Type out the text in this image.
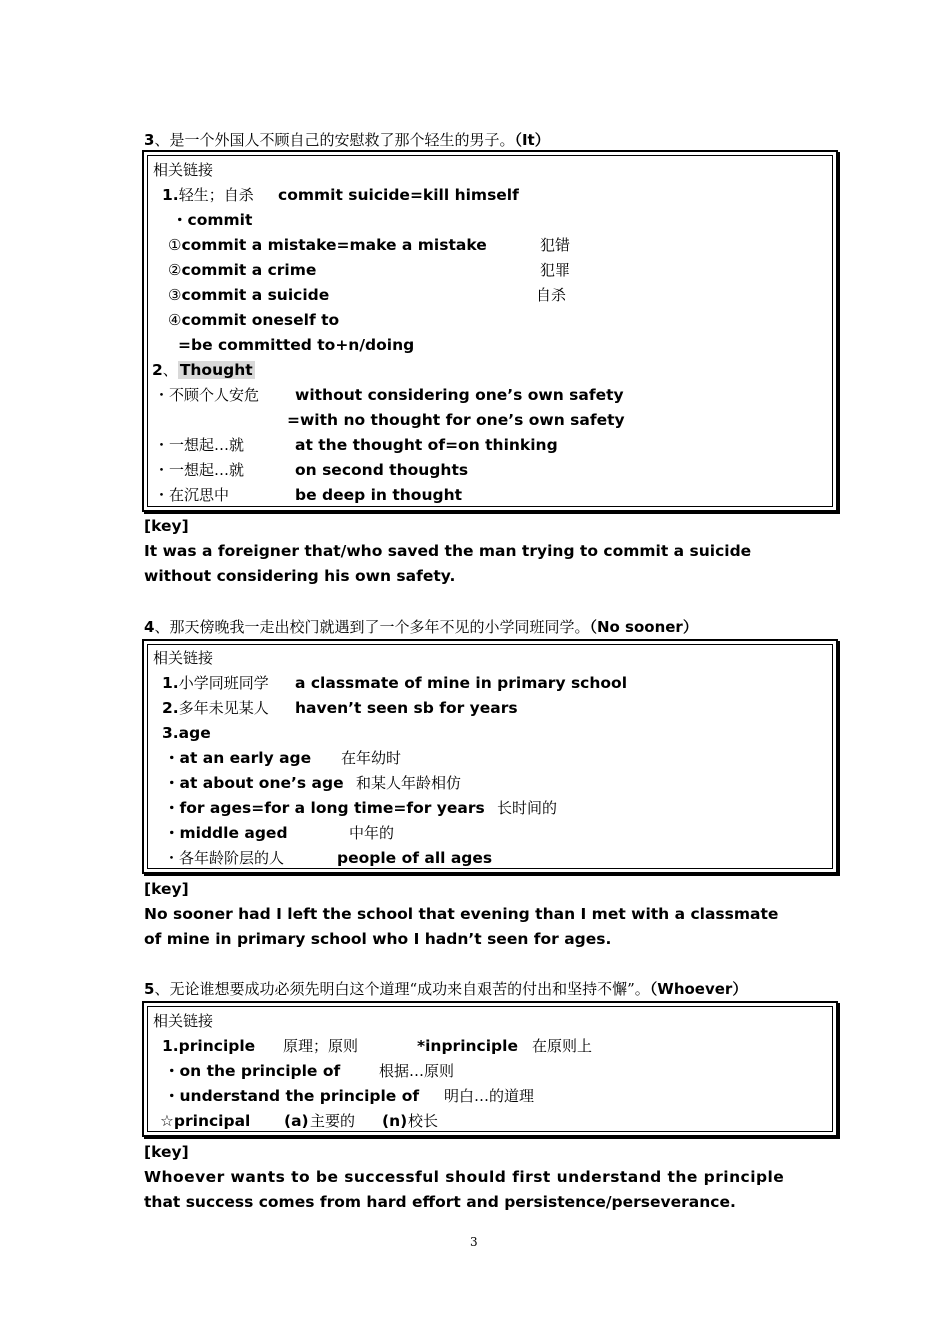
3、是一个外国人不顾自己的安慰救了那个轻生的男子。（It）
相关链接
1.轻生；自杀 commit suicide=kill himself
・commit
①commit a mistake=make a mistake	犯错
②commit a crime	犯罪
③commit a suicide	自杀
④commit oneself to
=be committed to+n/doing
2、 Thought
・不顾个人安危 without considering one’s own safety
=with no thought for one’s own safety
・一想起…就	at the thought of=on thinking
・一想起…就	on second thoughts
・在沉思中	be deep in thought
[key]
It was a foreigner that/who saved the man trying to commit a suicide
without considering his own safety.
4、那天傍晚我一走出校门就遇到了一个多年不见的小学同班同学。（No sooner）
相关链接
1.小学同班同学 a classmate of mine in primary school
2.多年未见某人 haven’t seen sb for years
3.age
・at an early age 在年幼时
・at about one’s age 和某人年龄相仿
・for ages=for a long time=for years 长时间的
・middle aged	中年的
・各年龄阶层的人	people of all ages
[key]
No sooner had I left the school that evening than I met with a classmate
of mine in primary school who I hadn’t seen for ages.
5、无论谁想要成功必须先明白这个道理“成功来自艰苦的付出和坚持不懈”。（Whoever）
相关链接
1.principle 原理；原则	*inprinciple 在原则上
・on the principle of	根据…原则
・understand the principle of 明白…的道理
☆principal (a) 主要的 (n) 校长
[key]
Whoever wants to be successful should first understand the principle
that success comes from hard effort and persistence/perseverance.
3
